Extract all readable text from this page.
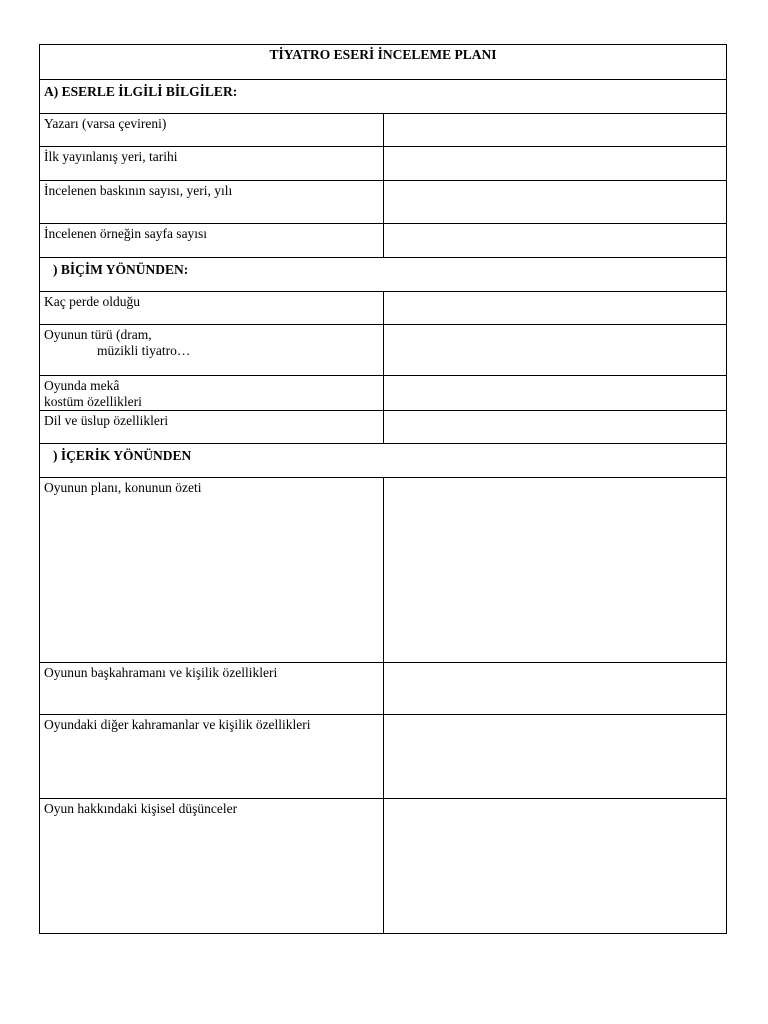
TİYATRO ESERİ İNCELEME PLANI	
A) ESERLE İLGİLİ BİLGİLER:	
Yazarı (varsa çevireni)	
İlk yayınlanış yeri, tarihi	
İncelenen baskının sayısı, yeri, yılı	
İncelenen örneğin sayfa sayısı	
) BİÇİM YÖNÜNDEN:	
Kaç perde olduğu	
Oyunun türü (dram,
müzikli tiyatro…	

Oyunda mekâ
kostüm özellikleri	

Dil ve üslup özellikleri	
) İÇERİK YÖNÜNDEN	
Oyunun planı, konunun özeti	
Oyunun başkahramanı ve kişilik özellikleri	
Oyundaki diğer kahramanlar ve kişilik özellikleri	
Oyun hakkındaki kişisel düşünceler	
